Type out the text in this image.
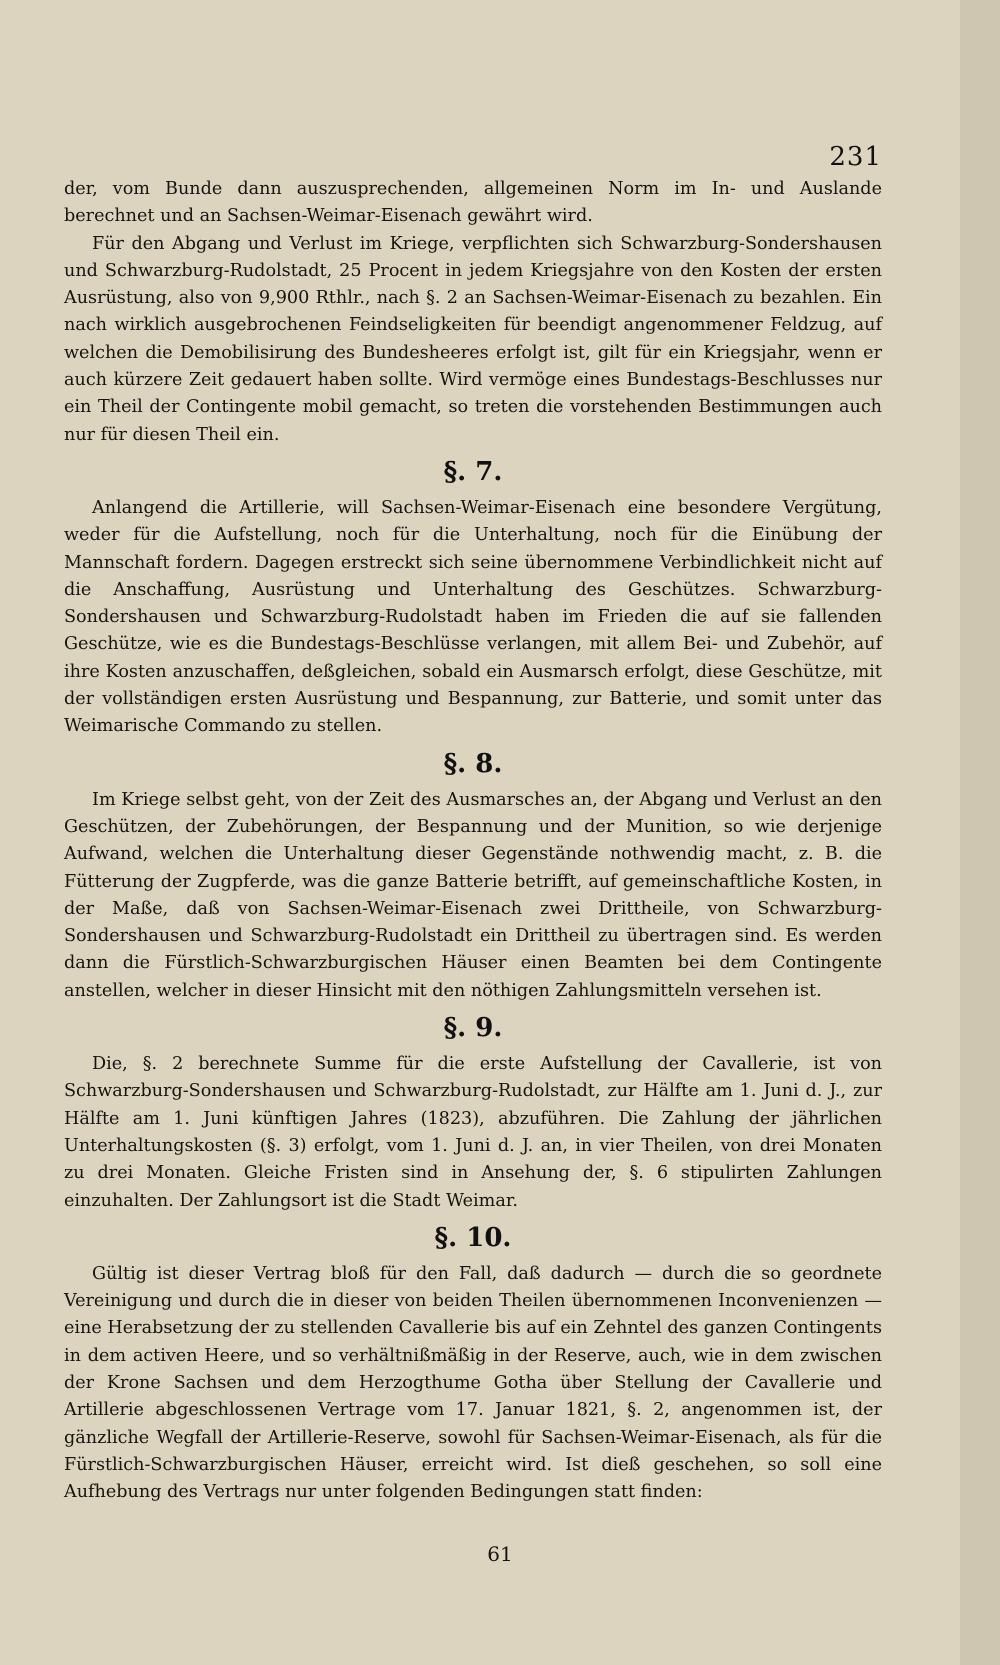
231

der, vom Bunde dann auszusprechenden, allgemeinen Norm im In- und Auslande berechnet und an Sachsen-Weimar-Eisenach gewährt wird.

Für den Abgang und Verlust im Kriege, verpflichten sich Schwarzburg-Sondershausen und Schwarzburg-Rudolstadt, 25 Procent in jedem Kriegsjahre von den Kosten der ersten Ausrüstung, also von 9,900 Rthlr., nach §. 2 an Sachsen-Weimar-Eisenach zu bezahlen. Ein nach wirklich ausgebrochenen Feindseligkeiten für beendigt angenommener Feldzug, auf welchen die Demobilisirung des Bundesheeres erfolgt ist, gilt für ein Kriegsjahr, wenn er auch kürzere Zeit gedauert haben sollte. Wird vermöge eines Bundestags-Beschlusses nur ein Theil der Contingente mobil gemacht, so treten die vorstehenden Bestimmungen auch nur für diesen Theil ein.

§. 7.

Anlangend die Artillerie, will Sachsen-Weimar-Eisenach eine besondere Vergütung, weder für die Aufstellung, noch für die Unterhaltung, noch für die Einübung der Mannschaft fordern. Dagegen erstreckt sich seine übernommene Verbindlichkeit nicht auf die Anschaffung, Ausrüstung und Unterhaltung des Geschützes. Schwarzburg-Sondershausen und Schwarzburg-Rudolstadt haben im Frieden die auf sie fallenden Geschütze, wie es die Bundestags-Beschlüsse verlangen, mit allem Bei- und Zubehör, auf ihre Kosten anzuschaffen, deßgleichen, sobald ein Ausmarsch erfolgt, diese Geschütze, mit der vollständigen ersten Ausrüstung und Bespannung, zur Batterie, und somit unter das Weimarische Commando zu stellen.

§. 8.

Im Kriege selbst geht, von der Zeit des Ausmarsches an, der Abgang und Verlust an den Geschützen, der Zubehörungen, der Bespannung und der Munition, so wie derjenige Aufwand, welchen die Unterhaltung dieser Gegenstände nothwendig macht, z. B. die Fütterung der Zugpferde, was die ganze Batterie betrifft, auf gemeinschaftliche Kosten, in der Maße, daß von Sachsen-Weimar-Eisenach zwei Drittheile, von Schwarzburg-Sondershausen und Schwarzburg-Rudolstadt ein Drittheil zu übertragen sind. Es werden dann die Fürstlich-Schwarzburgischen Häuser einen Beamten bei dem Contingente anstellen, welcher in dieser Hinsicht mit den nöthigen Zahlungsmitteln versehen ist.

§. 9.

Die, §. 2 berechnete Summe für die erste Aufstellung der Cavallerie, ist von Schwarzburg-Sondershausen und Schwarzburg-Rudolstadt, zur Hälfte am 1. Juni d. J., zur Hälfte am 1. Juni künftigen Jahres (1823), abzuführen. Die Zahlung der jährlichen Unterhaltungskosten (§. 3) erfolgt, vom 1. Juni d. J. an, in vier Theilen, von drei Monaten zu drei Monaten. Gleiche Fristen sind in Ansehung der, §. 6 stipulirten Zahlungen einzuhalten. Der Zahlungsort ist die Stadt Weimar.

§. 10.

Gültig ist dieser Vertrag bloß für den Fall, daß dadurch — durch die so geordnete Vereinigung und durch die in dieser von beiden Theilen übernommenen Inconvenienzen — eine Herabsetzung der zu stellenden Cavallerie bis auf ein Zehntel des ganzen Contingents in dem activen Heere, und so verhältnißmäßig in der Reserve, auch, wie in dem zwischen der Krone Sachsen und dem Herzogthume Gotha über Stellung der Cavallerie und Artillerie abgeschlossenen Vertrage vom 17. Januar 1821, §. 2, angenommen ist, der gänzliche Wegfall der Artillerie-Reserve, sowohl für Sachsen-Weimar-Eisenach, als für die Fürstlich-Schwarzburgischen Häuser, erreicht wird. Ist dieß geschehen, so soll eine Aufhebung des Vertrags nur unter folgenden Bedingungen statt finden:

61
